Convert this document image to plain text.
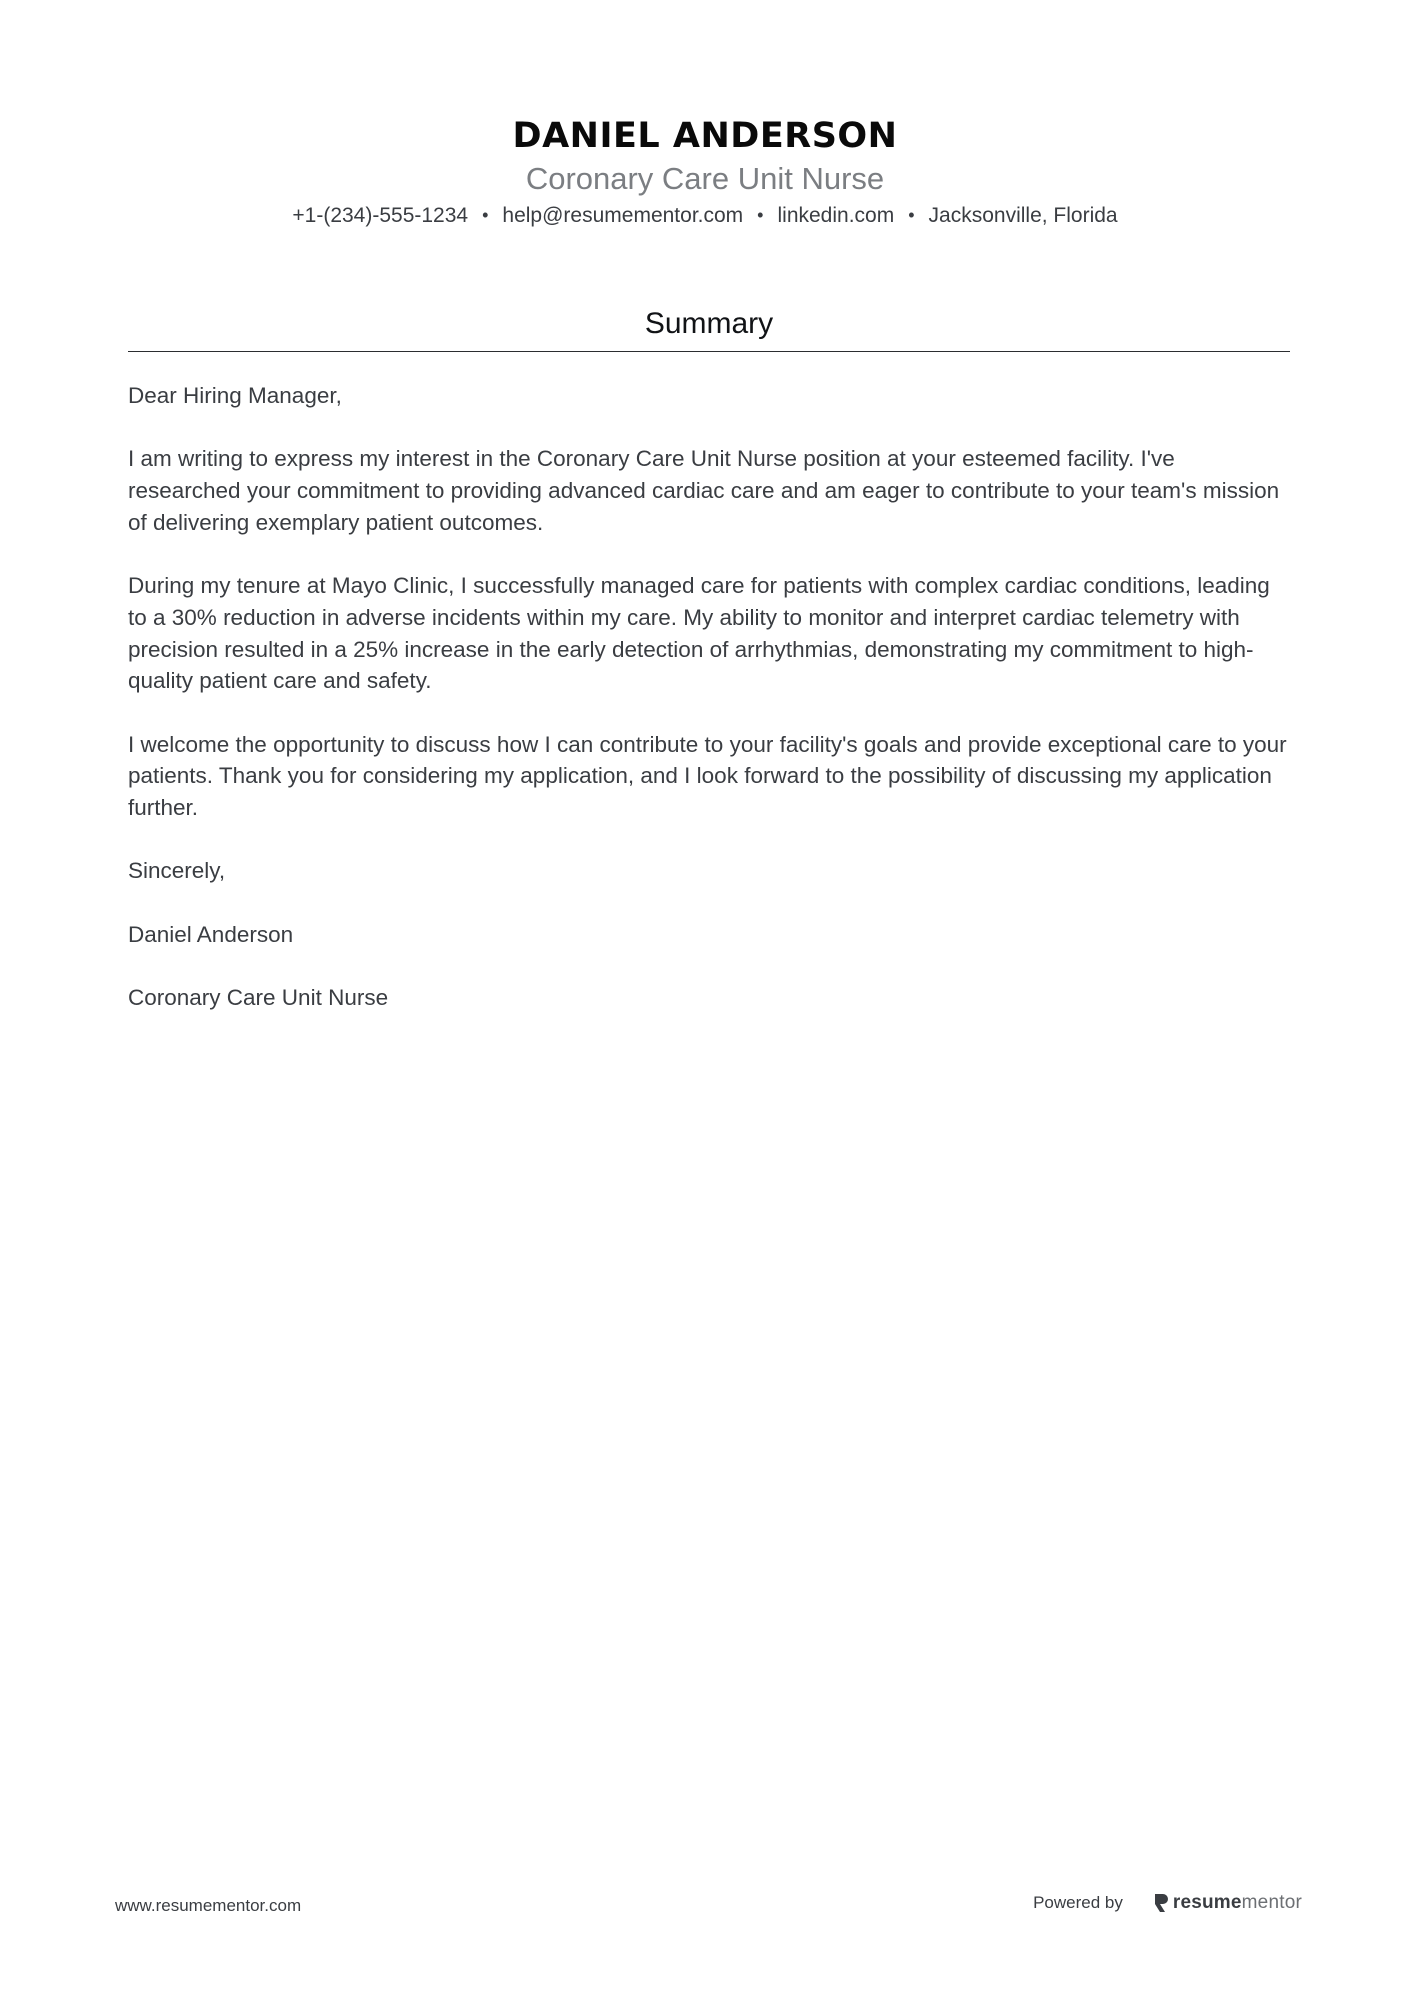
DANIEL ANDERSON
Coronary Care Unit Nurse
+1-(234)-555-1234 • help@resumementor.com • linkedin.com • Jacksonville, Florida
Summary

Dear Hiring Manager,

I am writing to express my interest in the Coronary Care Unit Nurse position at your esteemed facility. I've researched your commitment to providing advanced cardiac care and am eager to contribute to your team's mission of delivering exemplary patient outcomes.

During my tenure at Mayo Clinic, I successfully managed care for patients with complex cardiac conditions, leading to a 30% reduction in adverse incidents within my care. My ability to monitor and interpret cardiac telemetry with precision resulted in a 25% increase in the early detection of arrhythmias, demonstrating my commitment to high-quality patient care and safety.

I welcome the opportunity to discuss how I can contribute to your facility's goals and provide exceptional care to your patients. Thank you for considering my application, and I look forward to the possibility of discussing my application further.

Sincerely,

Daniel Anderson

Coronary Care Unit Nurse

www.resumementor.com	Powered by	resume mentor
